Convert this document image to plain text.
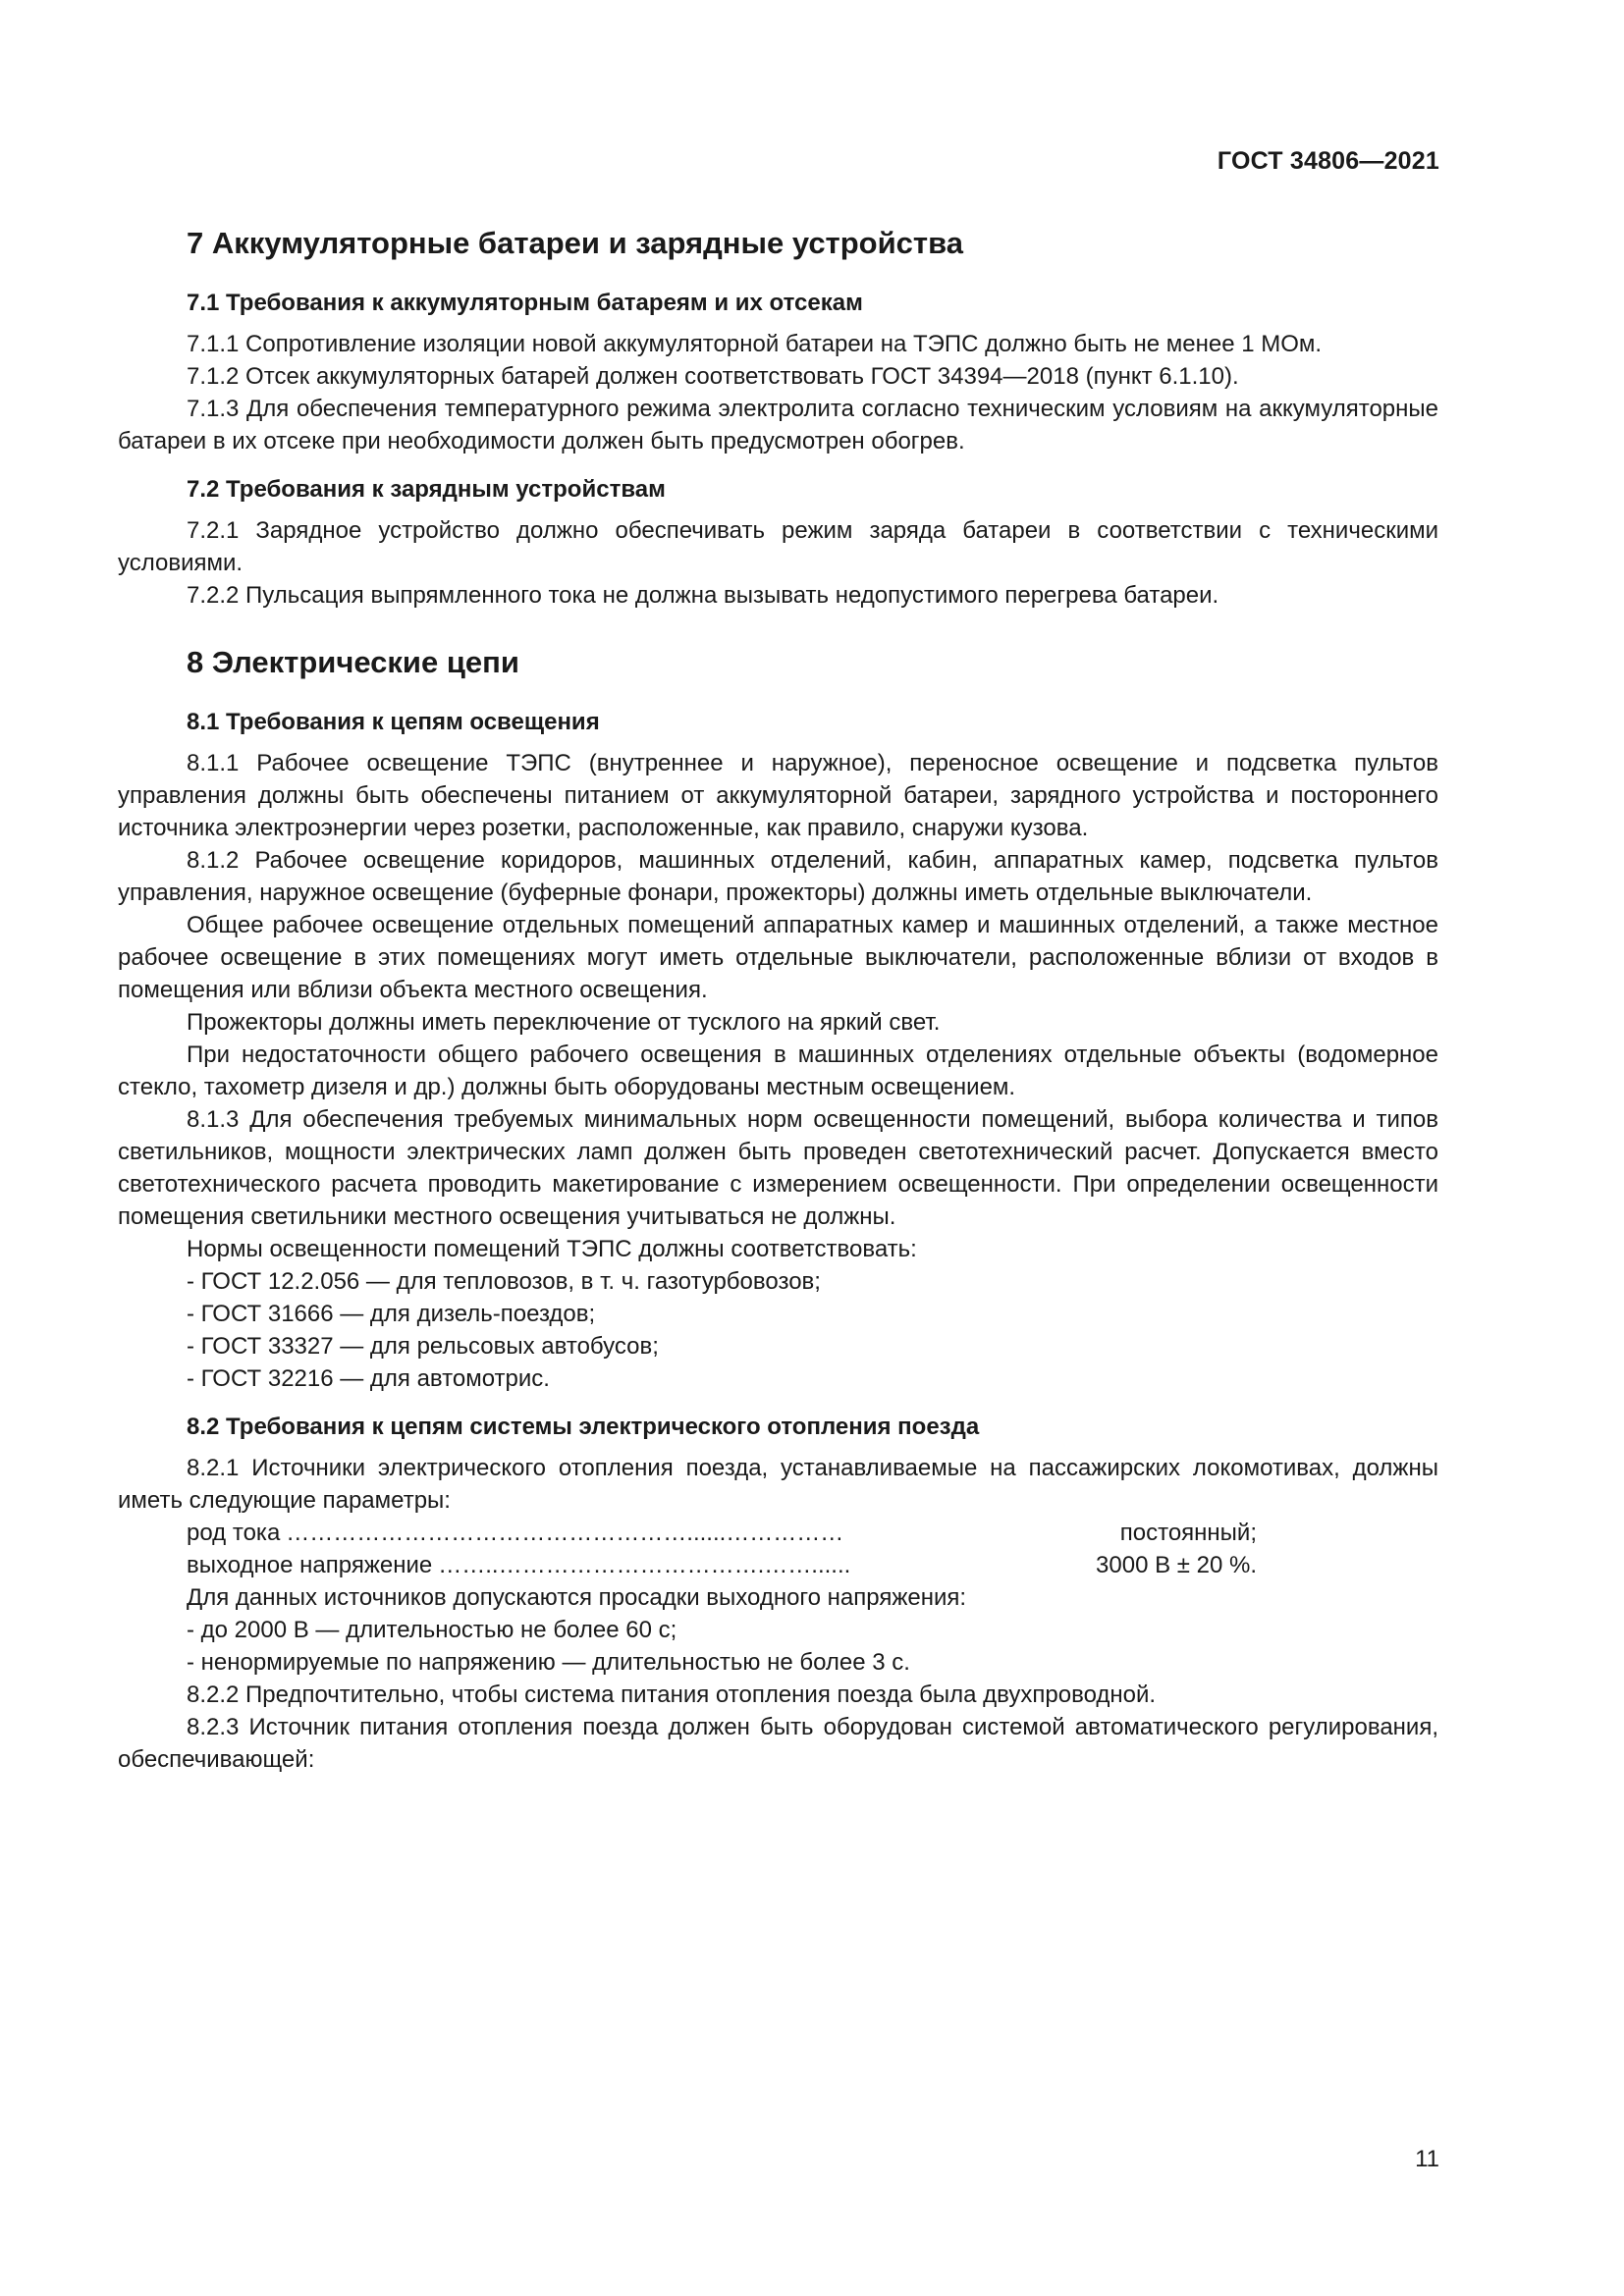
ГОСТ 34806—2021
7 Аккумуляторные батареи и зарядные устройства
7.1 Требования к аккумуляторным батареям и их отсекам

7.1.1 Сопротивление изоляции новой аккумуляторной батареи на ТЭПС должно быть не менее 1 МОм.

7.1.2 Отсек аккумуляторных батарей должен соответствовать ГОСТ 34394—2018 (пункт 6.1.10).

7.1.3 Для обеспечения температурного режима электролита согласно техническим условиям на аккумуляторные батареи в их отсеке при необходимости должен быть предусмотрен обогрев.

7.2 Требования к зарядным устройствам

7.2.1 Зарядное устройство должно обеспечивать режим заряда батареи в соответствии с техническими условиями.

7.2.2 Пульсация выпрямленного тока не должна вызывать недопустимого перегрева батареи.

8 Электрические цепи
8.1 Требования к цепям освещения

8.1.1 Рабочее освещение ТЭПС (внутреннее и наружное), переносное освещение и подсветка пультов управления должны быть обеспечены питанием от аккумуляторной батареи, зарядного устройства и постороннего источника электроэнергии через розетки, расположенные, как правило, снаружи кузова.

8.1.2 Рабочее освещение коридоров, машинных отделений, кабин, аппаратных камер, подсветка пультов управления, наружное освещение (буферные фонари, прожекторы) должны иметь отдельные выключатели.

Общее рабочее освещение отдельных помещений аппаратных камер и машинных отделений, а также местное рабочее освещение в этих помещениях могут иметь отдельные выключатели, расположенные вблизи от входов в помещения или вблизи объекта местного освещения.

Прожекторы должны иметь переключение от тусклого на яркий свет.

При недостаточности общего рабочего освещения в машинных отделениях отдельные объекты (водомерное стекло, тахометр дизеля и др.) должны быть оборудованы местным освещением.

8.1.3 Для обеспечения требуемых минимальных норм освещенности помещений, выбора количества и типов светильников, мощности электрических ламп должен быть проведен светотехнический расчет. Допускается вместо светотехнического расчета проводить макетирование с измерением освещенности. При определении освещенности помещения светильники местного освещения учитываться не должны.

Нормы освещенности помещений ТЭПС должны соответствовать:

- ГОСТ 12.2.056 — для тепловозов, в т. ч. газотурбовозов;
- ГОСТ 31666 — для дизель-поездов;
- ГОСТ 33327 — для рельсовых автобусов;
- ГОСТ 32216 — для автомотрис.
8.2 Требования к цепям системы электрического отопления поезда

8.2.1 Источники электрического отопления поезда, устанавливаемые на пассажирских локомотивах, должны иметь следующие параметры:

род тока ……………………………………………......……………	постоянный;
выходное напряжение ……..…………………………….……......	3000 В ± 20 %.
Для данных источников допускаются просадки выходного напряжения:
- до 2000 В — длительностью не более 60 с;
- ненормируемые по напряжению — длительностью не более 3 с.

8.2.2 Предпочтительно, чтобы система питания отопления поезда была двухпроводной.

8.2.3 Источник питания отопления поезда должен быть оборудован системой автоматического регулирования, обеспечивающей:

11
